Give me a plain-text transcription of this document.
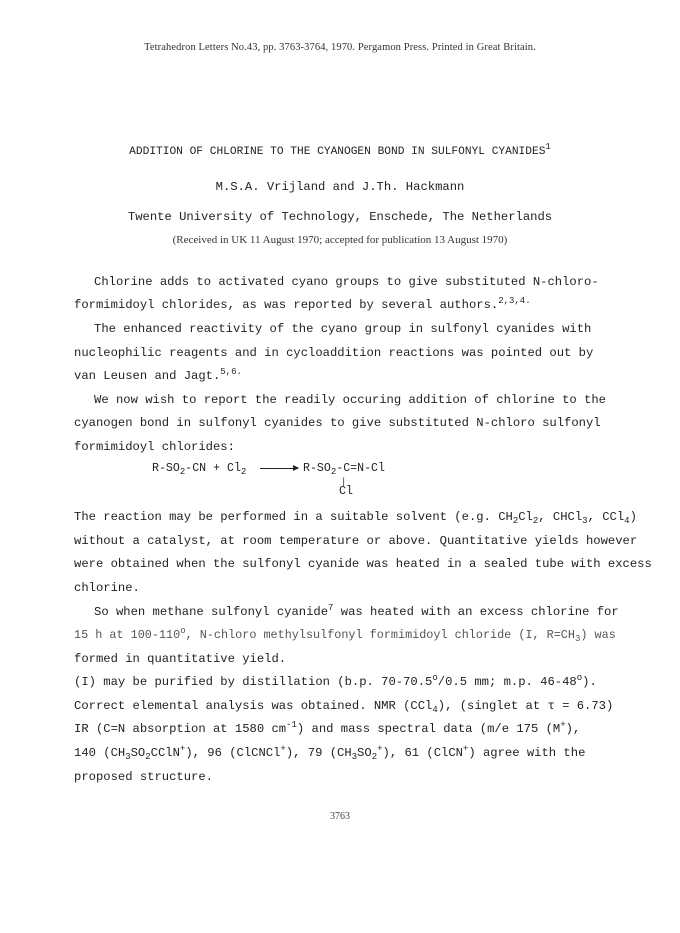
Tetrahedron Letters No.43, pp. 3763-3764, 1970. Pergamon Press. Printed in Great Britain.
ADDITION OF CHLORINE TO THE CYANOGEN BOND IN SULFONYL CYANIDES$^1$
M.S.A. Vrijland and J.Th. Hackmann
Twente University of Technology, Enschede, The Netherlands
(Received in UK 11 August 1970; accepted for publication 13 August 1970)
Chlorine adds to activated cyano groups to give substituted N-chloro-
formimidoyl chlorides, as was reported by several authors.$^{2,3,4.}$
The enhanced reactivity of the cyano group in sulfonyl cyanides with
nucleophilic reagents and in cycloaddition reactions was pointed out by
van Leusen and Jagt.$^{5,6.}$
We now wish to report the readily occuring addition of chlorine to the
cyanogen bond in sulfonyl cyanides to give substituted N-chloro sulfonyl
formimidoyl chlorides:
$R-SO_2-CN + Cl_2 \to R-SO_2-C=N-Cl$
|
Cl
The reaction may be performed in a suitable solvent (e.g. $CH_2Cl_2$, CHCl$_3$, CCl$_4$)
without a catalyst, at room temperature or above. Quantitative yields however
were obtained when the sulfonyl cyanide was heated in a sealed tube with excess
chlorine.
So when methane sulfonyl cyanide$^7$ was heated with an excess chlorine for
15 h at 100-110$^o$, N-chloro methylsulfonyl formimidoyl chloride (I, $R=CH_3$) was
formed in quantitative yield.
(I) may be purified by distillation (b.p. 70-70.5$^o$/0.5 mm; m.p. 46-48$^o$).
Correct elemental analysis was obtained. NMR (CCl$_4$), (singlet at τ = 6.73)
IR (C=N absorption at 1580 $cm^{-1}$) and mass spectral data (m/e 175 (M+),
140 $(CH_3SO_2CClN^+)$, 96 (ClCNCl+), 79 $(CH_3SO_2^+)$, 61 (ClCN+) agree with the
proposed structure.
3763
